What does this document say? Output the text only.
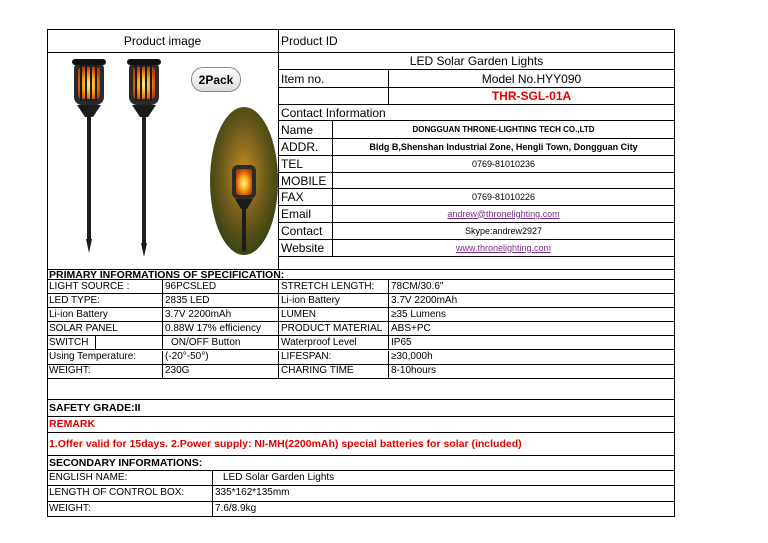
Product image	Product ID
2Pack
LED Solar Garden Lights
Item no.	Model No.HYY090
THR-SGL-01A
Contact Information
Name	DONGGUAN THRONE-LIGHTING TECH CO.,LTD
ADDR.	Bldg B,Shenshan Industrial Zone, Hengli Town, Dongguan City
TEL	0769-81010236
MOBILE
FAX	0769-81010226
Email	andrew@thronelighting.com
Contact	Skype:andrew2927
Website	www.thronelighting.com
PRIMARY INFORMATIONS OF SPECIFICATION:
LIGHT SOURCE :	96PCSLED	STRETCH LENGTH:	78CM/30.6"
LED TYPE:	2835 LED	Li-ion Battery	3.7V 2200mAh
Li-ion Battery	3.7V 2200mAh	LUMEN	≥35 Lumens
SOLAR PANEL	0.88W 17% efficiency	PRODUCT MATERIAL ABS+PC
SWITCH	ON/OFF Button	Waterproof Level	IP65
Using Temperature:	(-20°-50°)	LIFESPAN:	≥30,000h
WEIGHT:	230G	CHARING TIME	8-10hours
SAFETY GRADE:II
REMARK
1.Offer valid for 15days. 2.Power supply: NI-MH(2200mAh) special batteries for solar (included)
SECONDARY INFORMATIONS:
ENGLISH NAME:	LED Solar Garden Lights
LENGTH OF CONTROL BOX:	335*162*135mm
WEIGHT:	7.6/8.9kg
